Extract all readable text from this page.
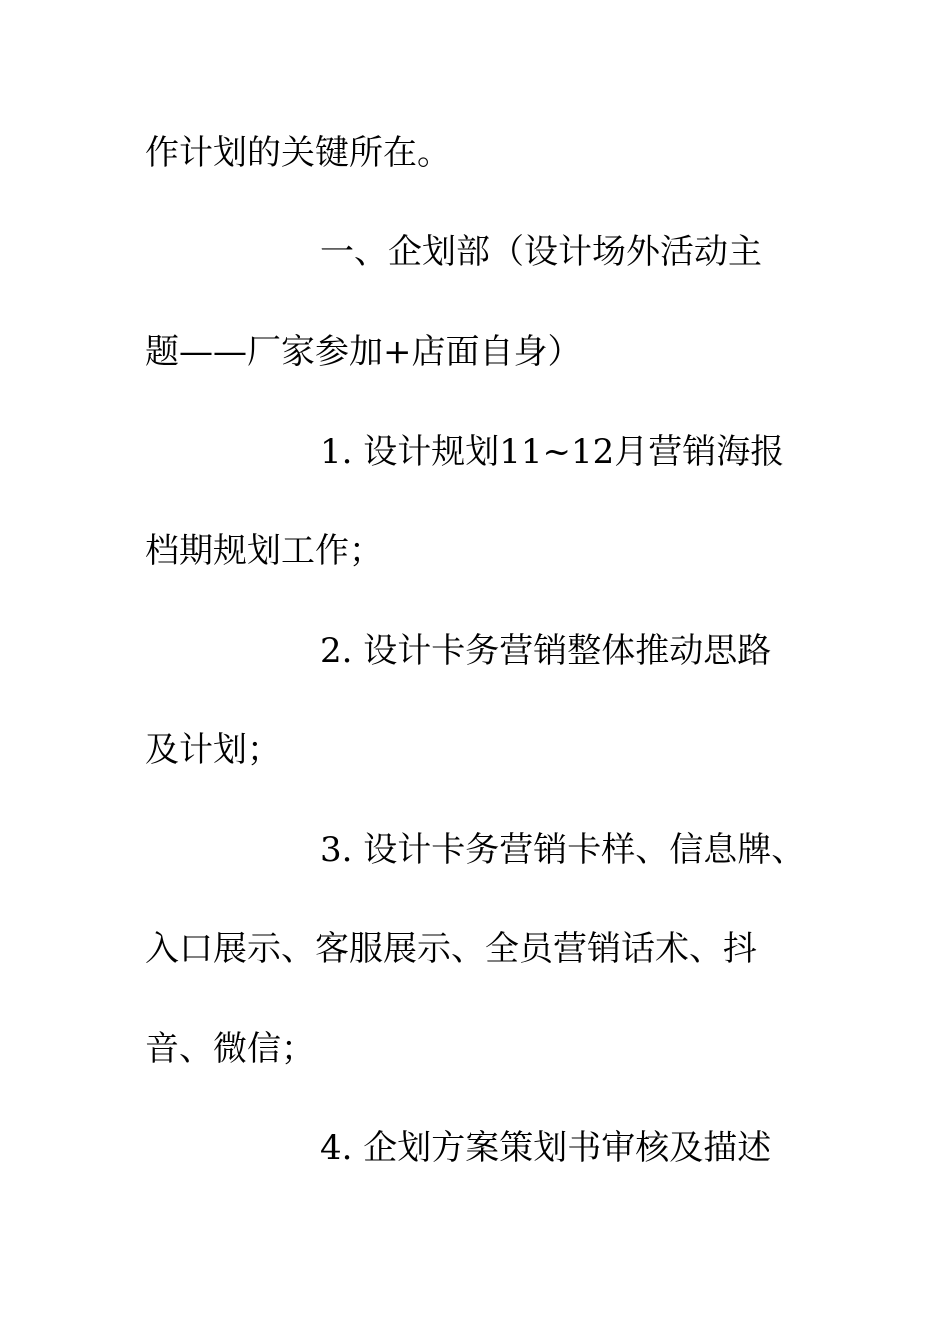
作计划的关键所在。

一、企划部（设计场外活动主

题——厂家参加+店面自身）

1. 设计规划11~12月营销海报

档期规划工作；

2. 设计卡务营销整体推动思路

及计划；

3. 设计卡务营销卡样、信息牌、

入口展示、客服展示、全员营销话术、抖

音、微信；

4. 企划方案策划书审核及描述
